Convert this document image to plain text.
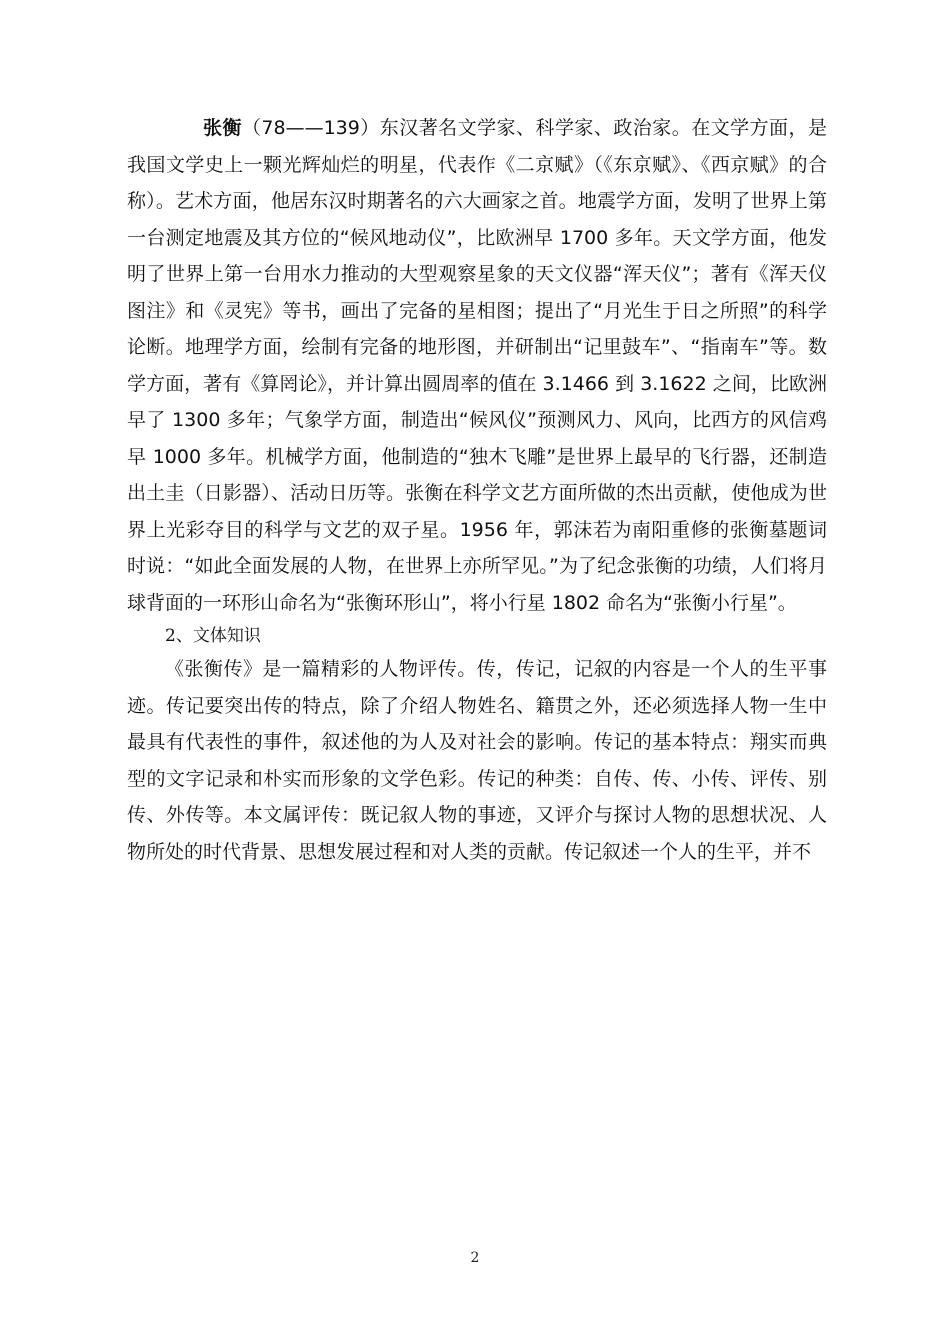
张衡（78——139）东汉著名文学家、科学家、政治家。在文学方面，是我国文学史上一颗光辉灿烂的明星，代表作《二京赋》（《东京赋》、《西京赋》的合称）。艺术方面，他居东汉时期著名的六大画家之首。地震学方面，发明了世界上第一台测定地震及其方位的“候风地动仪”，比欧洲早 1700 多年。天文学方面，他发明了世界上第一台用水力推动的大型观察星象的天文仪器“浑天仪”；著有《浑天仪图注》和《灵宪》等书，画出了完备的星相图；提出了“月光生于日之所照”的科学论断。地理学方面，绘制有完备的地形图，并研制出“记里鼓车”、“指南车”等。数学方面，著有《算罔论》，并计算出圆周率的值在 3.1466 到 3.1622 之间，比欧洲早了 1300 多年；气象学方面，制造出“候风仪”预测风力、风向，比西方的风信鸡早 1000 多年。机械学方面，他制造的“独木飞雕”是世界上最早的飞行器，还制造出土圭（日影器）、活动日历等。张衡在科学文艺方面所做的杰出贡献，使他成为世界上光彩夺目的科学与文艺的双子星。1956 年，郭沫若为南阳重修的张衡墓题词时说：“如此全面发展的人物，在世界上亦所罕见。”为了纪念张衡的功绩，人们将月球背面的一环形山命名为“张衡环形山”，将小行星 1802 命名为“张衡小行星”。

2、文体知识

《张衡传》是一篇精彩的人物评传。传，传记，记叙的内容是一个人的生平事迹。传记要突出传的特点，除了介绍人物姓名、籍贯之外，还必须选择人物一生中最具有代表性的事件，叙述他的为人及对社会的影响。传记的基本特点：翔实而典型的文字记录和朴实而形象的文学色彩。传记的种类：自传、传、小传、评传、别传、外传等。本文属评传：既记叙人物的事迹，又评介与探讨人物的思想状况、人物所处的时代背景、思想发展过程和对人类的贡献。传记叙述一个人的生平，并不

2
